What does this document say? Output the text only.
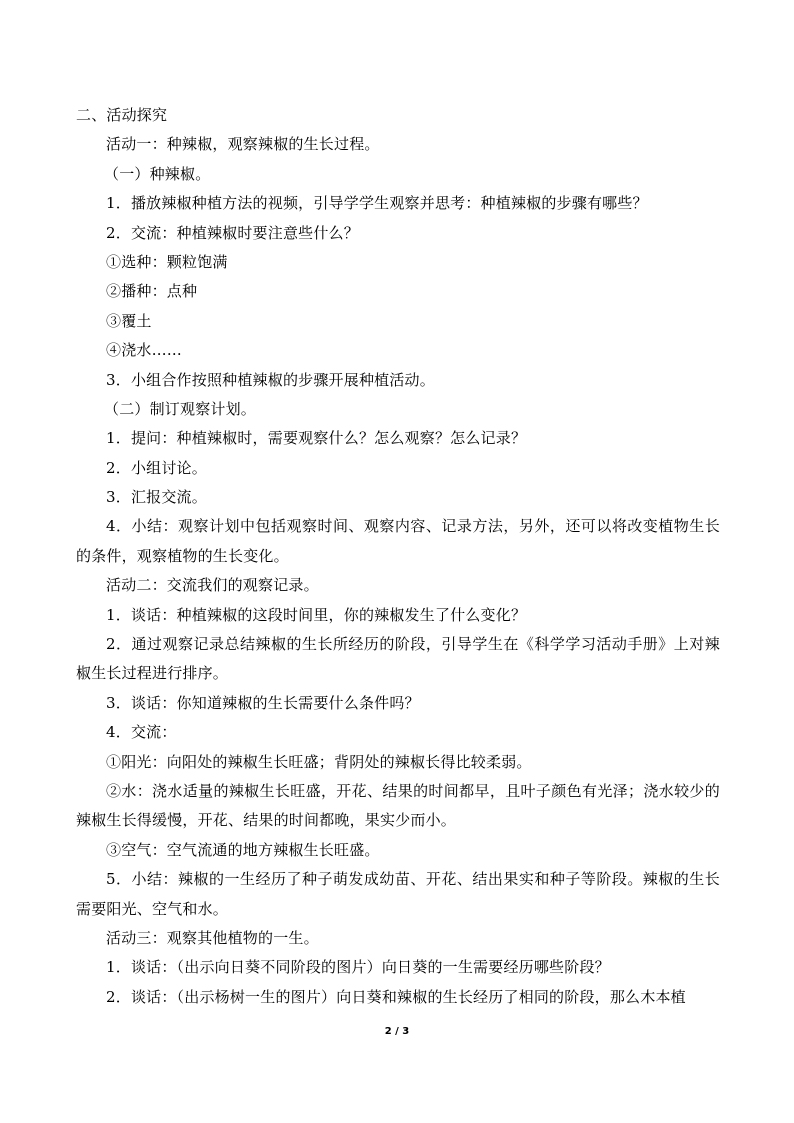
二、活动探究
活动一：种辣椒，观察辣椒的生长过程。
（一）种辣椒。
1．播放辣椒种植方法的视频，引导学学生观察并思考：种植辣椒的步骤有哪些？
2．交流：种植辣椒时要注意些什么？
①选种：颗粒饱满
②播种：点种
③覆土
④浇水……
3．小组合作按照种植辣椒的步骤开展种植活动。
（二）制订观察计划。
1．提问：种植辣椒时，需要观察什么？怎么观察？怎么记录？
2．小组讨论。
3．汇报交流。
4．小结：观察计划中包括观察时间、观察内容、记录方法，另外，还可以将改变植物生长的条件，观察植物的生长变化。
活动二：交流我们的观察记录。
1．谈话：种植辣椒的这段时间里，你的辣椒发生了什么变化？
2．通过观察记录总结辣椒的生长所经历的阶段，引导学生在《科学学习活动手册》上对辣椒生长过程进行排序。
3．谈话：你知道辣椒的生长需要什么条件吗？
4．交流：
①阳光：向阳处的辣椒生长旺盛；背阴处的辣椒长得比较柔弱。
②水：浇水适量的辣椒生长旺盛，开花、结果的时间都早，且叶子颜色有光泽；浇水较少的辣椒生长得缓慢，开花、结果的时间都晚，果实少而小。
③空气：空气流通的地方辣椒生长旺盛。
5．小结：辣椒的一生经历了种子萌发成幼苗、开花、结出果实和种子等阶段。辣椒的生长需要阳光、空气和水。
活动三：观察其他植物的一生。
1．谈话：（出示向日葵不同阶段的图片）向日葵的一生需要经历哪些阶段？
2．谈话：（出示杨树一生的图片）向日葵和辣椒的生长经历了相同的阶段，那么木本植
2 / 3
